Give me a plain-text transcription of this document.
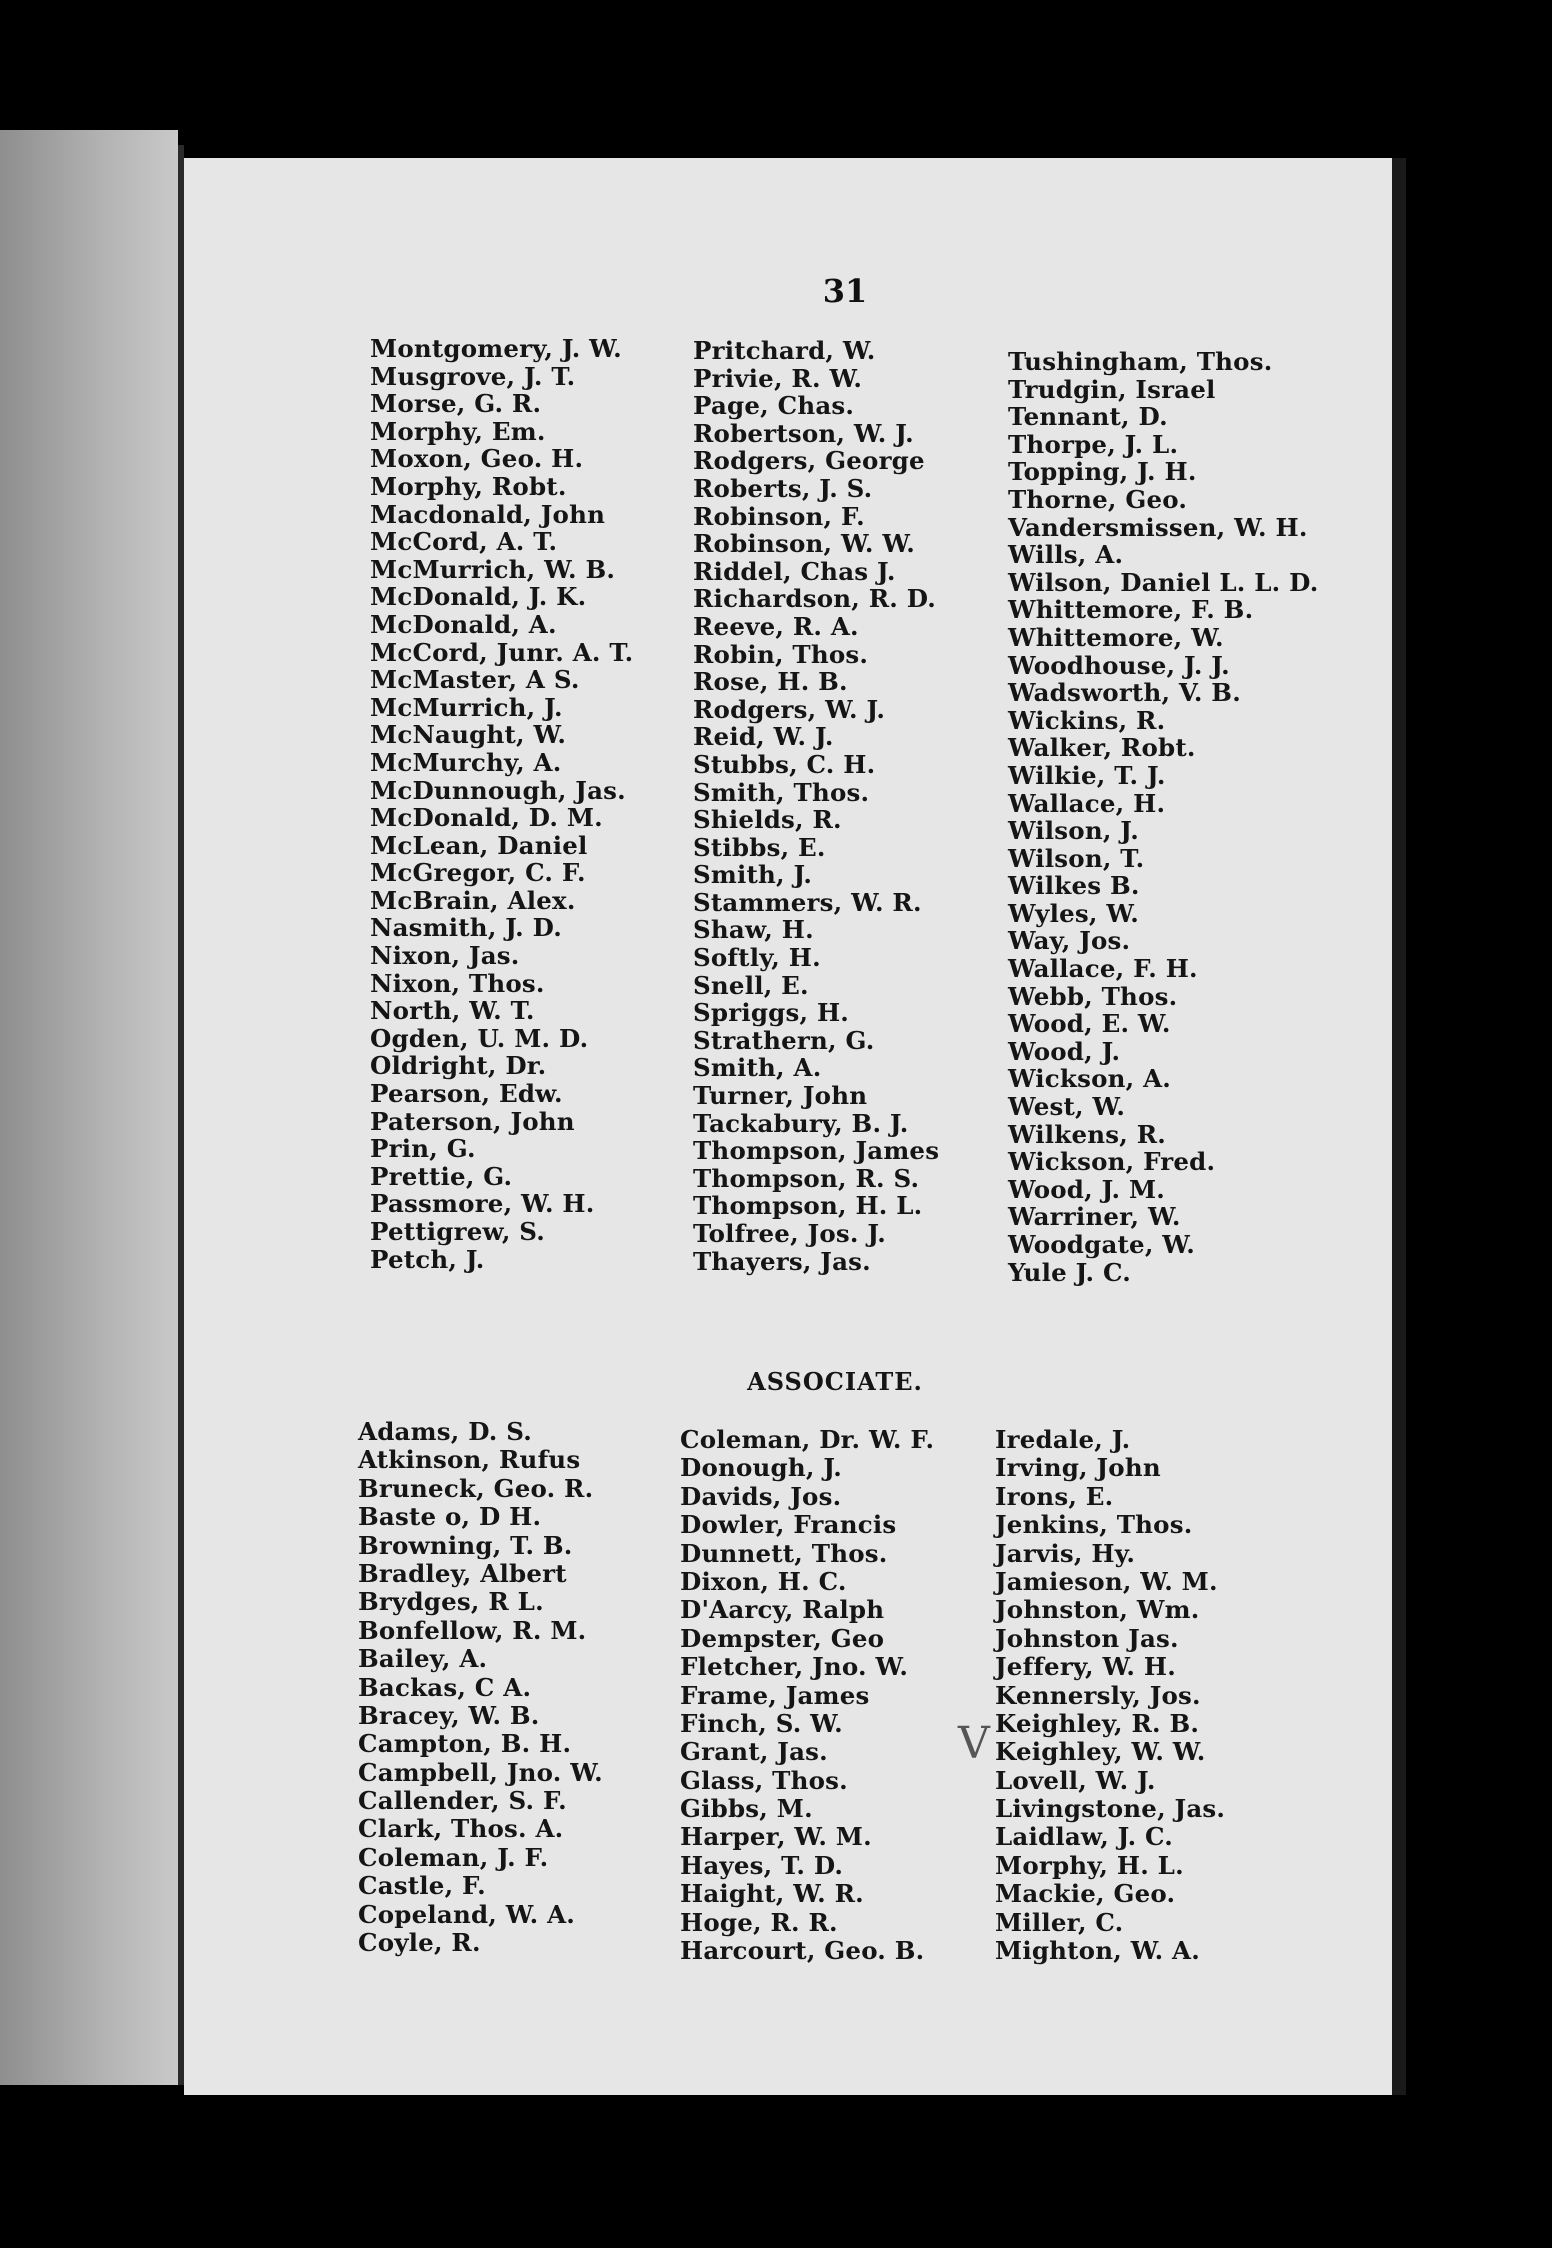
31
Montgomery, J. W.
Musgrove, J. T.
Morse, G. R.
Morphy, Em.
Moxon, Geo. H.
Morphy, Robt.
Macdonald, John
McCord, A. T.
McMurrich, W. B.
McDonald, J. K.
McDonald, A.
McCord, Junr. A. T.
McMaster, A S.
McMurrich, J.
McNaught, W.
McMurchy, A.
McDunnough, Jas.
McDonald, D. M.
McLean, Daniel
McGregor, C. F.
McBrain, Alex.
Nasmith, J. D.
Nixon, Jas.
Nixon, Thos.
North, W. T.
Ogden, U. M. D.
Oldright, Dr.
Pearson, Edw.
Paterson, John
Prin, G.
Prettie, G.
Passmore, W. H.
Pettigrew, S.
Petch, J.
Pritchard, W.
Privie, R. W.
Page, Chas.
Robertson, W. J.
Rodgers, George
Roberts, J. S.
Robinson, F.
Robinson, W. W.
Riddel, Chas J.
Richardson, R. D.
Reeve, R. A.
Robin, Thos.
Rose, H. B.
Rodgers, W. J.
Reid, W. J.
Stubbs, C. H.
Smith, Thos.
Shields, R.
Stibbs, E.
Smith, J.
Stammers, W. R.
Shaw, H.
Softly, H.
Snell, E.
Spriggs, H.
Strathern, G.
Smith, A.
Turner, John
Tackabury, B. J.
Thompson, James
Thompson, R. S.
Thompson, H. L.
Tolfree, Jos. J.
Thayers, Jas.
Tushingham, Thos.
Trudgin, Israel
Tennant, D.
Thorpe, J. L.
Topping, J. H.
Thorne, Geo.
Vandersmissen, W. H.
Wills, A.
Wilson, Daniel L. L. D.
Whittemore, F. B.
Whittemore, W.
Woodhouse, J. J.
Wadsworth, V. B.
Wickins, R.
Walker, Robt.
Wilkie, T. J.
Wallace, H.
Wilson, J.
Wilson, T.
Wilkes B.
Wyles, W.
Way, Jos.
Wallace, F. H.
Webb, Thos.
Wood, E. W.
Wood, J.
Wickson, A.
West, W.
Wilkens, R.
Wickson, Fred.
Wood, J. M.
Warriner, W.
Woodgate, W.
Yule J. C.
ASSOCIATE.
Adams, D. S.
Atkinson, Rufus
Bruneck, Geo. R.
Baste o, D H.
Browning, T. B.
Bradley, Albert
Brydges, R L.
Bonfellow, R. M.
Bailey, A.
Backas, C A.
Bracey, W. B.
Campton, B. H.
Campbell, Jno. W.
Callender, S. F.
Clark, Thos. A.
Coleman, J. F.
Castle, F.
Copeland, W. A.
Coyle, R.
Coleman, Dr. W. F.
Donough, J.
Davids, Jos.
Dowler, Francis
Dunnett, Thos.
Dixon, H. C.
D'Aarcy, Ralph
Dempster, Geo
Fletcher, Jno. W.
Frame, James
Finch, S. W.
Grant, Jas.
Glass, Thos.
Gibbs, M.
Harper, W. M.
Hayes, T. D.
Haight, W. R.
Hoge, R. R.
Harcourt, Geo. B.
Iredale, J.
Irving, John
Irons, E.
Jenkins, Thos.
Jarvis, Hy.
Jamieson, W. M.
Johnston, Wm.
Johnston Jas.
Jeffery, W. H.
Kennersly, Jos.
Keighley, R. B.
Keighley, W. W.
Lovell, W. J.
Livingstone, Jas.
Laidlaw, J. C.
Morphy, H. L.
Mackie, Geo.
Miller, C.
Mighton, W. A.
V
